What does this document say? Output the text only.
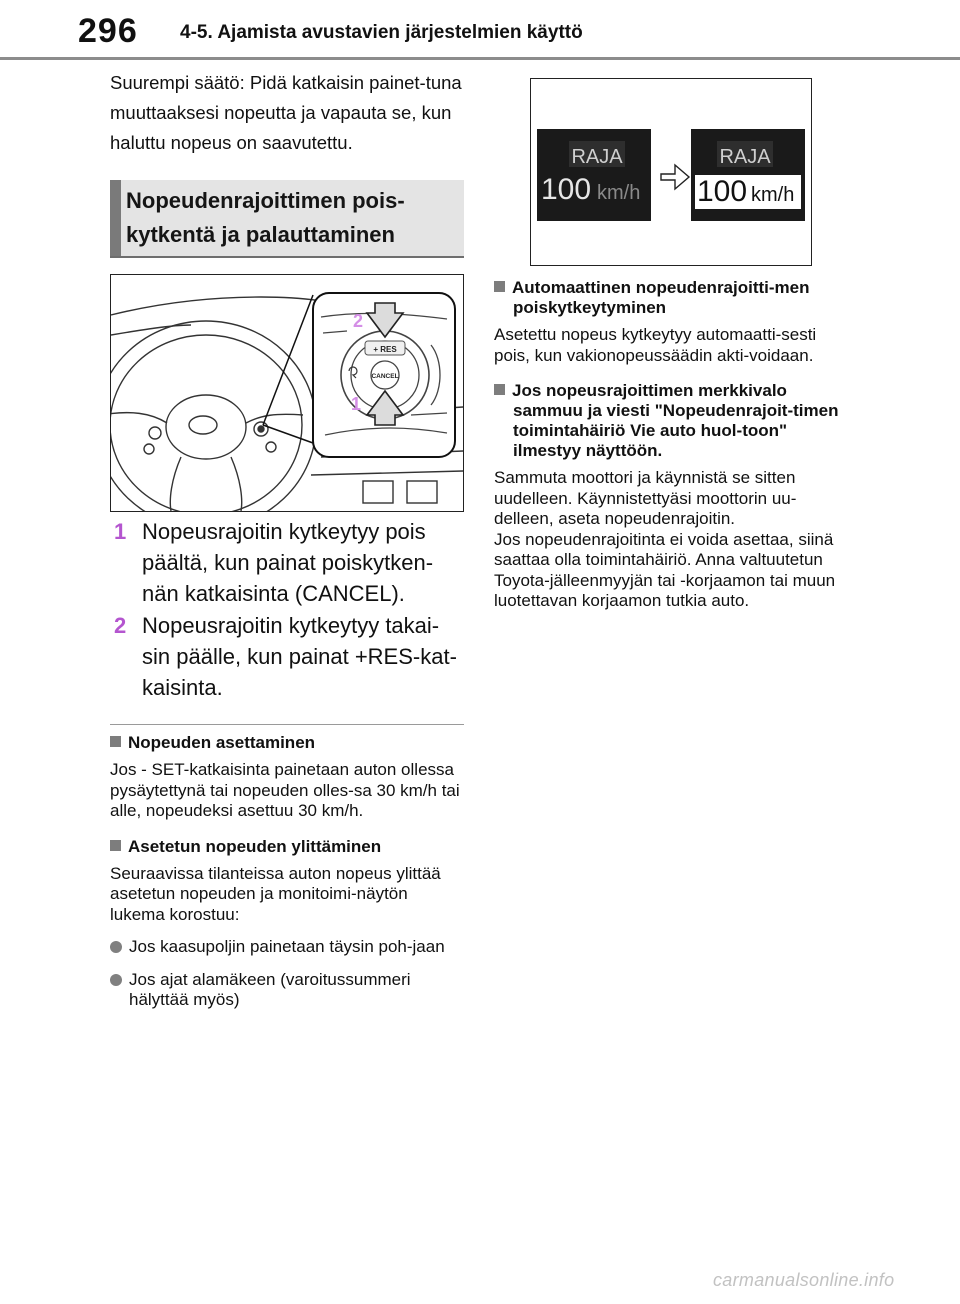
296 4-5. Ajamista avustavien järjestelmien käyttö
Suurempi säätö: Pidä katkaisin painet-tuna muuttaaksesi nopeutta ja vapauta se, kun haluttu nopeus on saavutettu.
Nopeudenrajoittimen pois-kytkentä ja palauttaminen
+ RES
CANCEL
2
1
1 Nopeusrajoitin kytkeytyy pois päältä, kun painat poiskytken-nän katkaisinta (CANCEL).
2 Nopeusrajoitin kytkeytyy takai-sin päälle, kun painat +RES-kat-kaisinta.
Nopeuden asettaminen
Jos - SET-katkaisinta painetaan auton ollessa pysäytettynä tai nopeuden olles-sa 30 km/h tai alle, nopeudeksi asettuu 30 km/h.
Asetetun nopeuden ylittäminen
Seuraavissa tilanteissa auton nopeus ylittää asetetun nopeuden ja monitoimi-näytön lukema korostuu:
Jos kaasupoljin painetaan täysin poh-jaan
Jos ajat alamäkeen (varoitussummeri hälyttää myös)
RAJA
100 km/h
RAJA
100 km/h
Automaattinen nopeudenrajoitti-men poiskytkeytyminen
Asetettu nopeus kytkeytyy automaatti-sesti pois, kun vakionopeussäädin akti-voidaan.
Jos nopeusrajoittimen merkkivalo sammuu ja viesti "Nopeudenrajoit-timen toimintahäiriö Vie auto huol-toon" ilmestyy näyttöön.
Sammuta moottori ja käynnistä se sitten uudelleen. Käynnistettyäsi moottorin uu-delleen, aseta nopeudenrajoitin.
Jos nopeudenrajoitinta ei voida asettaa, siinä saattaa olla toimintahäiriö. Anna valtuutetun Toyota-jälleenmyyjän tai -korjaamon tai muun luotettavan korjaamon tutkia auto.
carmanualsonline.info
